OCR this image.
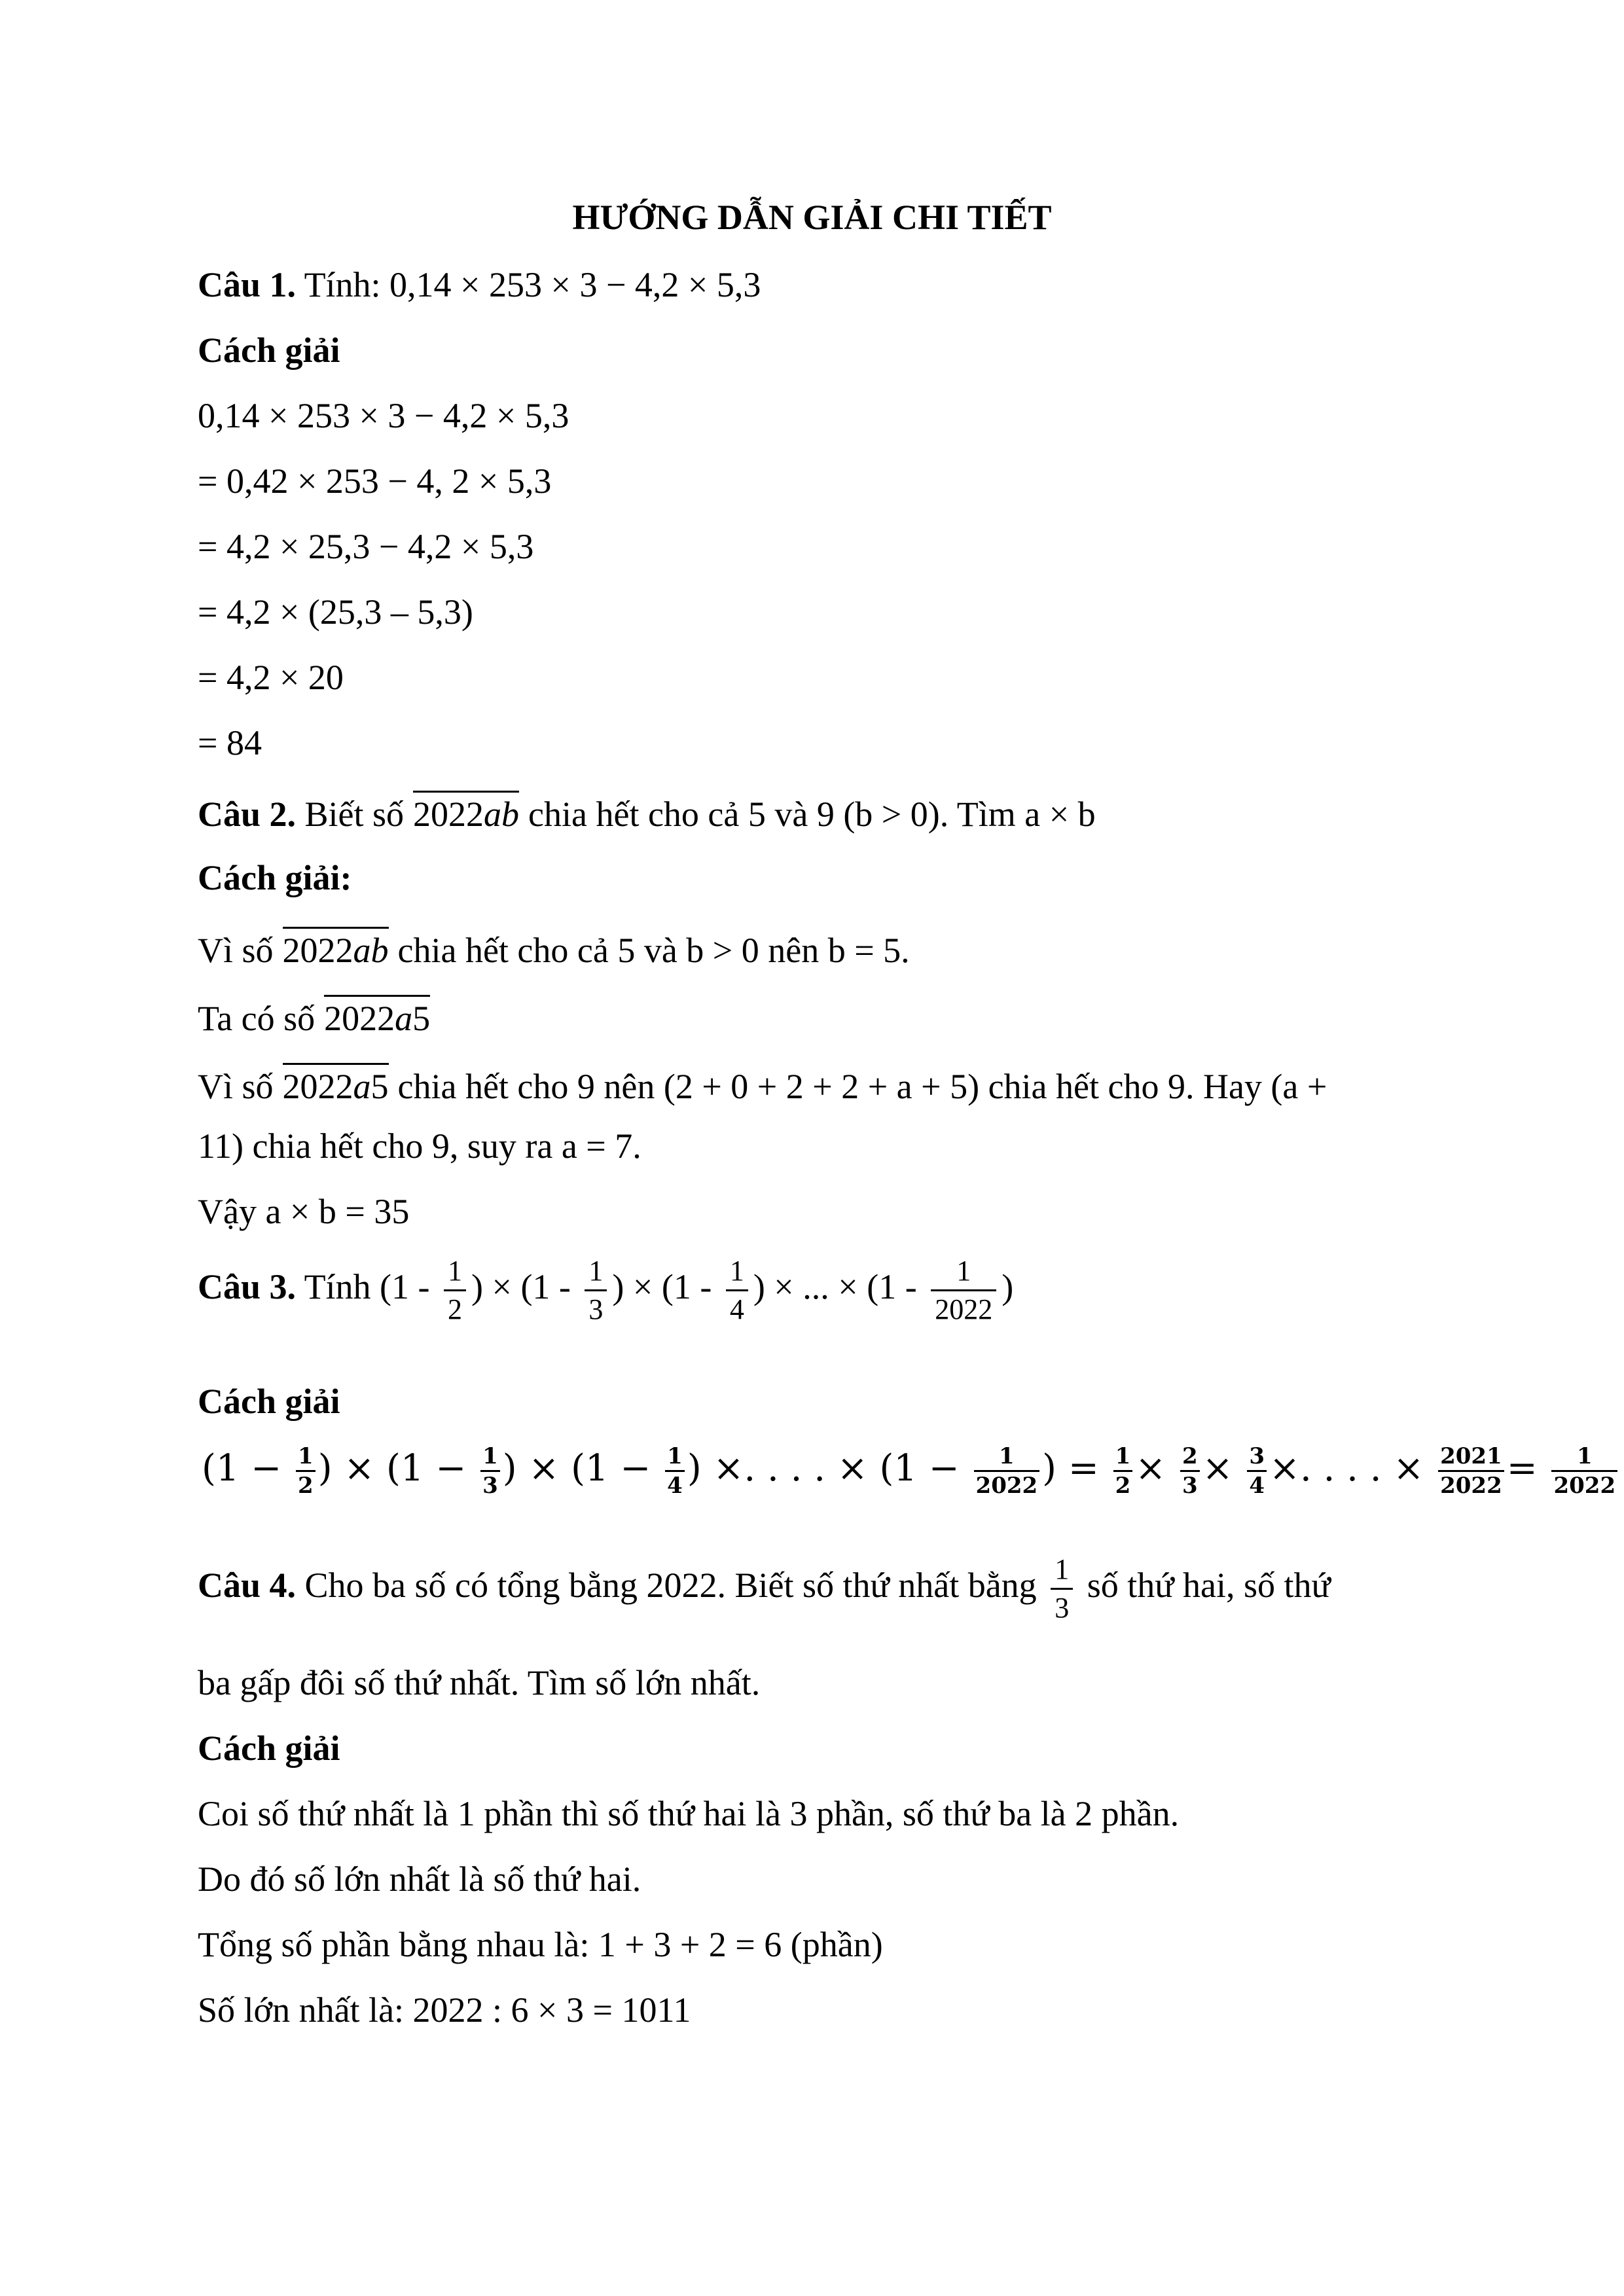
HƯỚNG DẪN GIẢI CHI TIẾT
Câu 1. Tính: 0,14 × 253 × 3 − 4,2 × 5,3
Cách giải
0,14 × 253 × 3 − 4,2 × 5,3
= 0,42 × 253 − 4, 2 × 5,3
= 4,2 × 25,3 − 4,2 × 5,3
= 4,2 × (25,3 – 5,3)
= 4,2 × 20
= 84
Câu 2. Biết số 2022ab chia hết cho cả 5 và 9 (b > 0). Tìm a × b
Cách giải:
Vì số 2022ab chia hết cho cả 5 và b > 0 nên b = 5.
Ta có số 2022a5
Vì số 2022a5 chia hết cho 9 nên (2 + 0 + 2 + 2 + a + 5) chia hết cho 9. Hay (a +
11) chia hết cho 9, suy ra a = 7.
Vậy a × b = 35
Câu 3. Tính ($1 - \frac{1}{2}$ ) × ($1 - \frac{1}{3}$ ) × ($1 - \frac{1}{4}$ ) × ... × ($1 - \frac{1}{2022}$ )
Cách giải
($1 - \frac{1}{2}$ ) × ($1 - \frac{1}{3}$ ) × ($1 - \frac{1}{4}$ ) ×. . . . × ($1 - \frac{1}{2022}$ ) = $\frac{1}{2} \times \frac{2}{3} \times \frac{3}{4}$ ×. . . . × $\frac{2021}{2022} = \frac{1}{2022}$
Câu 4. Cho ba số có tổng bằng 2022. Biết số thứ nhất bằng $\frac{1}{3}$ số thứ hai, số thứ
ba gấp đôi số thứ nhất. Tìm số lớn nhất.
Cách giải
Coi số thứ nhất là 1 phần thì số thứ hai là 3 phần, số thứ ba là 2 phần.
Do đó số lớn nhất là số thứ hai.
Tổng số phần bằng nhau là: 1 + 3 + 2 = 6 (phần)
Số lớn nhất là: 2022 : 6 × 3 = 1011
